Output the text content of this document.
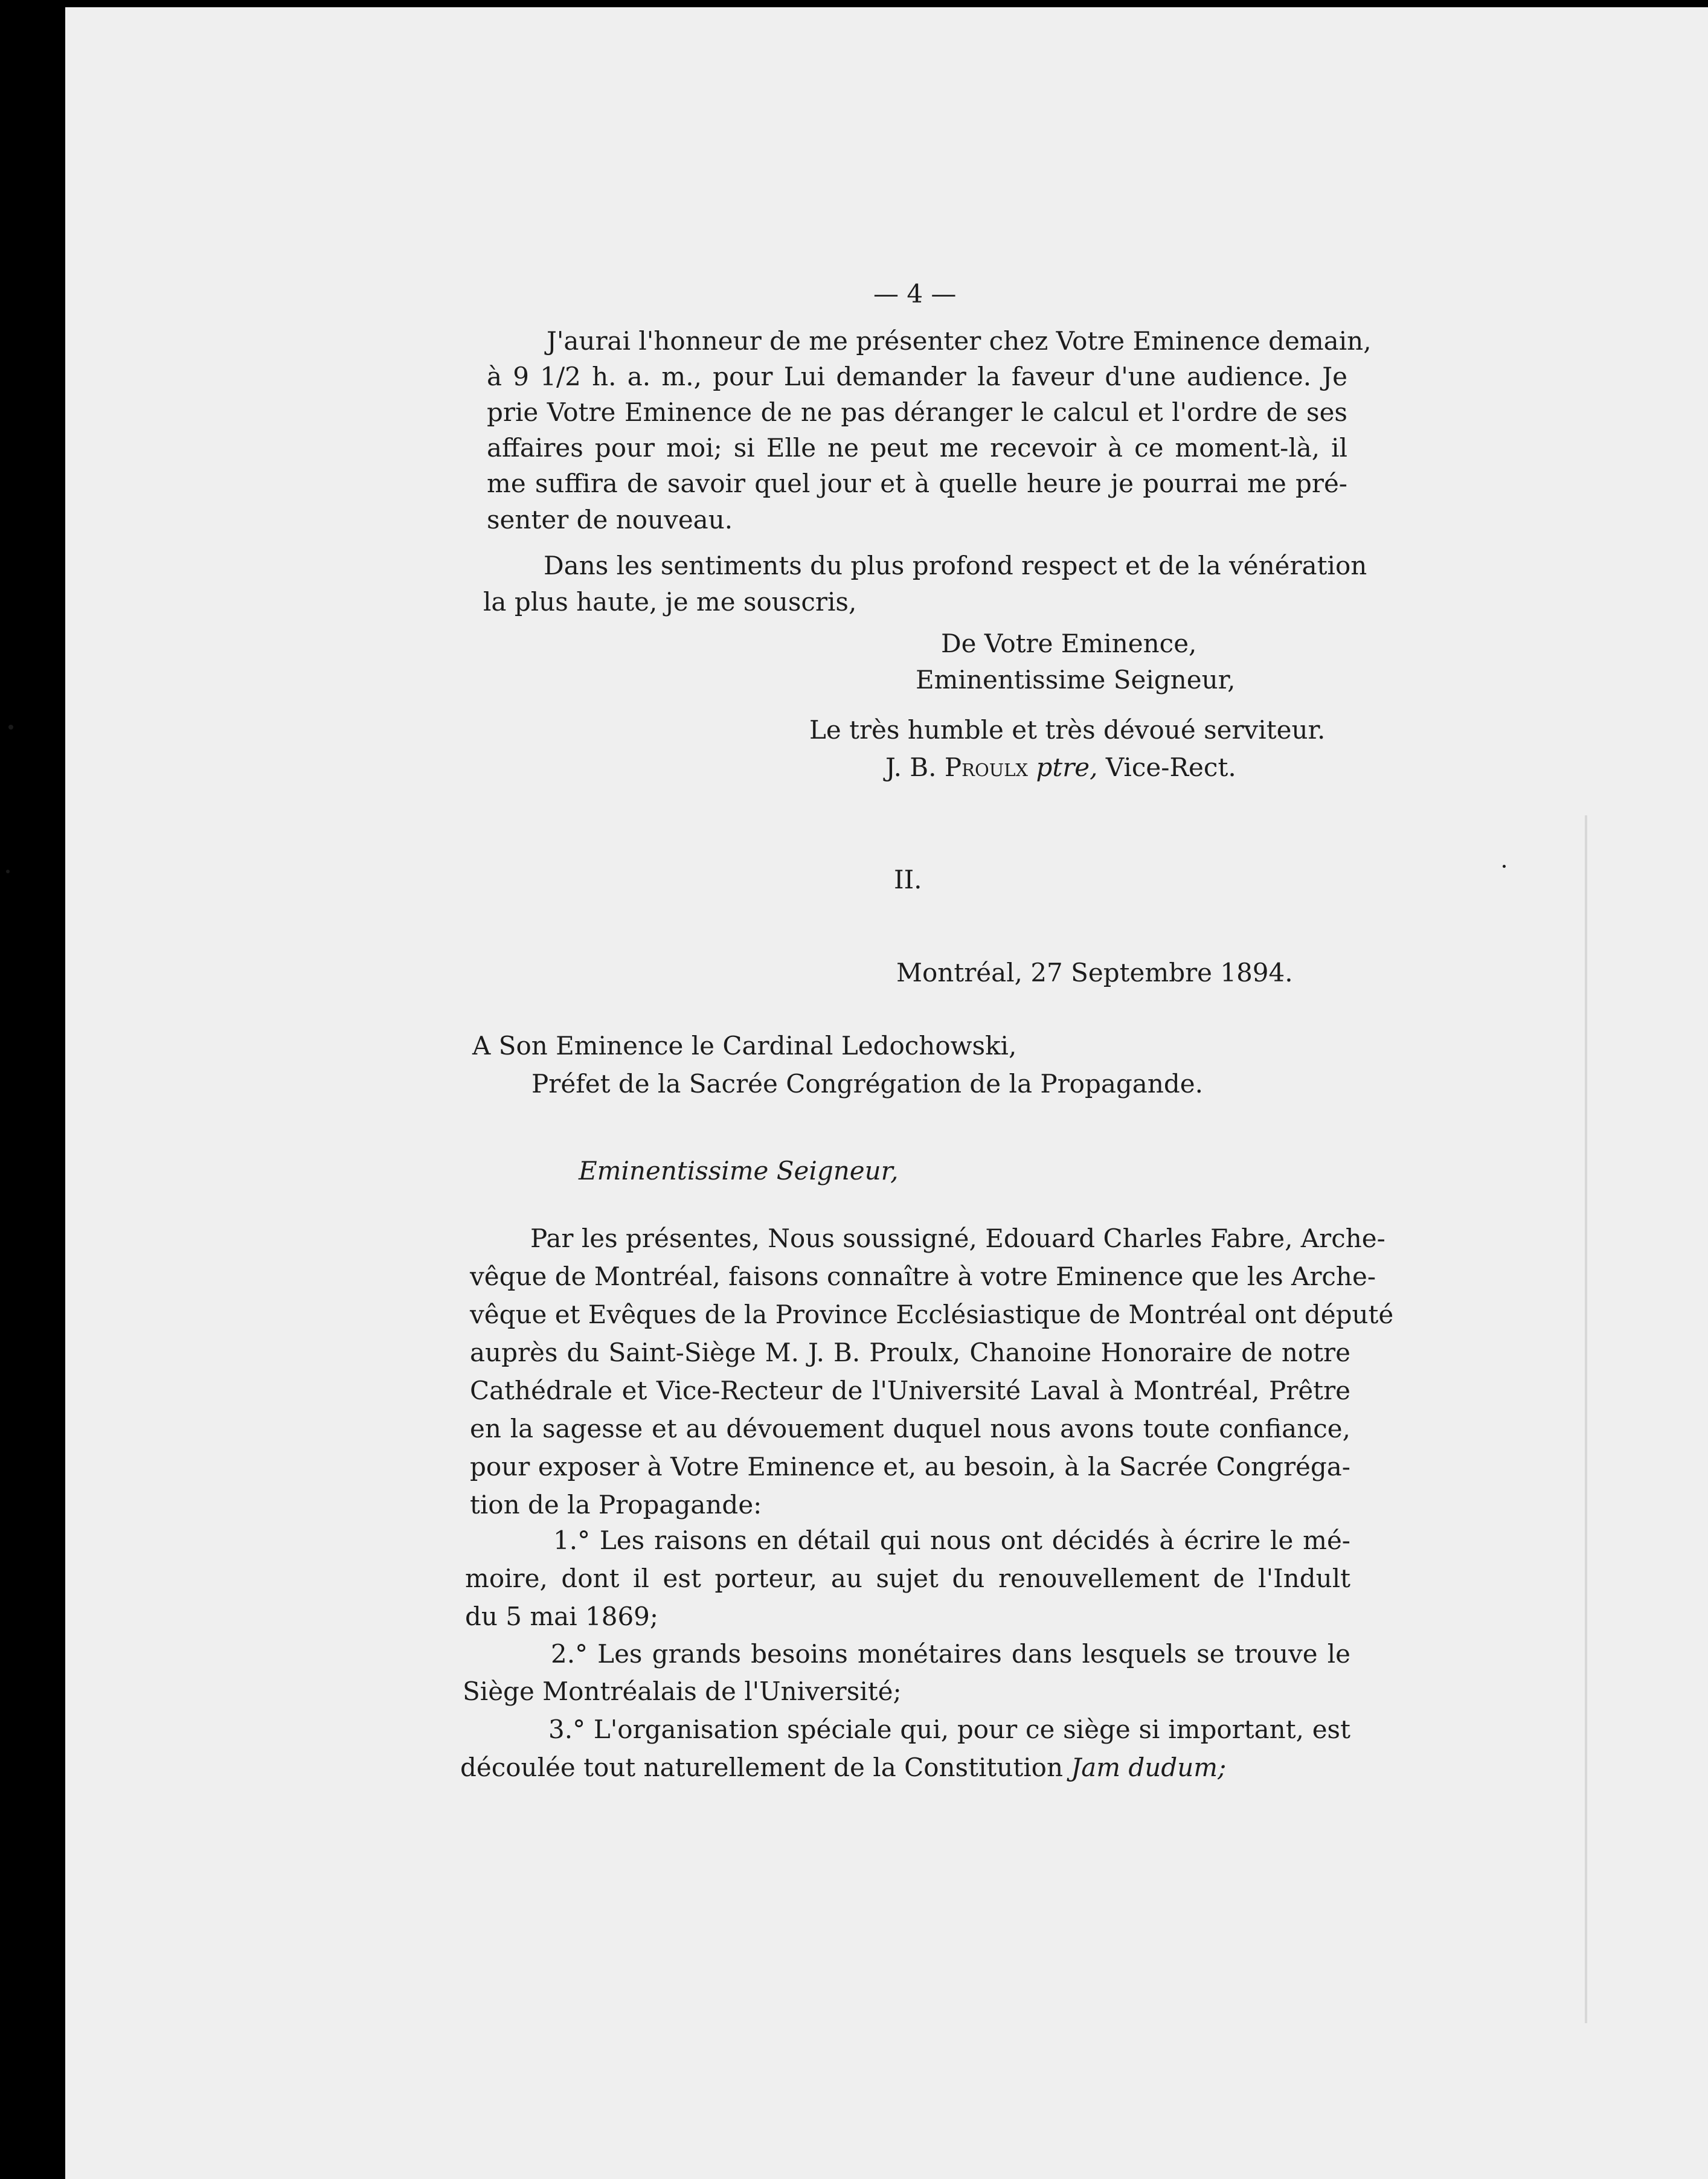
— 4 —
J'aurai l'honneur de me présenter chez Votre Eminence demain,
à 9 1/2 h. a. m., pour Lui demander la faveur d'une audience. Je
prie Votre Eminence de ne pas déranger le calcul et l'ordre de ses
affaires pour moi; si Elle ne peut me recevoir à ce moment-là, il
me suffira de savoir quel jour et à quelle heure je pourrai me pré-
senter de nouveau.
Dans les sentiments du plus profond respect et de la vénération
la plus haute, je me souscris,
De Votre Eminence,
Eminentissime Seigneur,
Le très humble et très dévoué serviteur.
J. B. Proulx ptre, Vice-Rect.
II.
Montréal, 27 Septembre 1894.
A Son Eminence le Cardinal Ledochowski,
Préfet de la Sacrée Congrégation de la Propagande.
Eminentissime Seigneur,
Par les présentes, Nous soussigné, Edouard Charles Fabre, Arche-
vêque de Montréal, faisons connaître à votre Eminence que les Arche-
vêque et Evêques de la Province Ecclésiastique de Montréal ont député
auprès du Saint-Siège M. J. B. Proulx, Chanoine Honoraire de notre
Cathédrale et Vice-Recteur de l'Université Laval à Montréal, Prêtre
en la sagesse et au dévouement duquel nous avons toute confiance,
pour exposer à Votre Eminence et, au besoin, à la Sacrée Congréga-
tion de la Propagande:
1.° Les raisons en détail qui nous ont décidés à écrire le mé-
moire, dont il est porteur, au sujet du renouvellement de l'Indult
du 5 mai 1869;
2.° Les grands besoins monétaires dans lesquels se trouve le
Siège Montréalais de l'Université;
3.° L'organisation spéciale qui, pour ce siège si important, est
découlée tout naturellement de la Constitution Jam dudum;
